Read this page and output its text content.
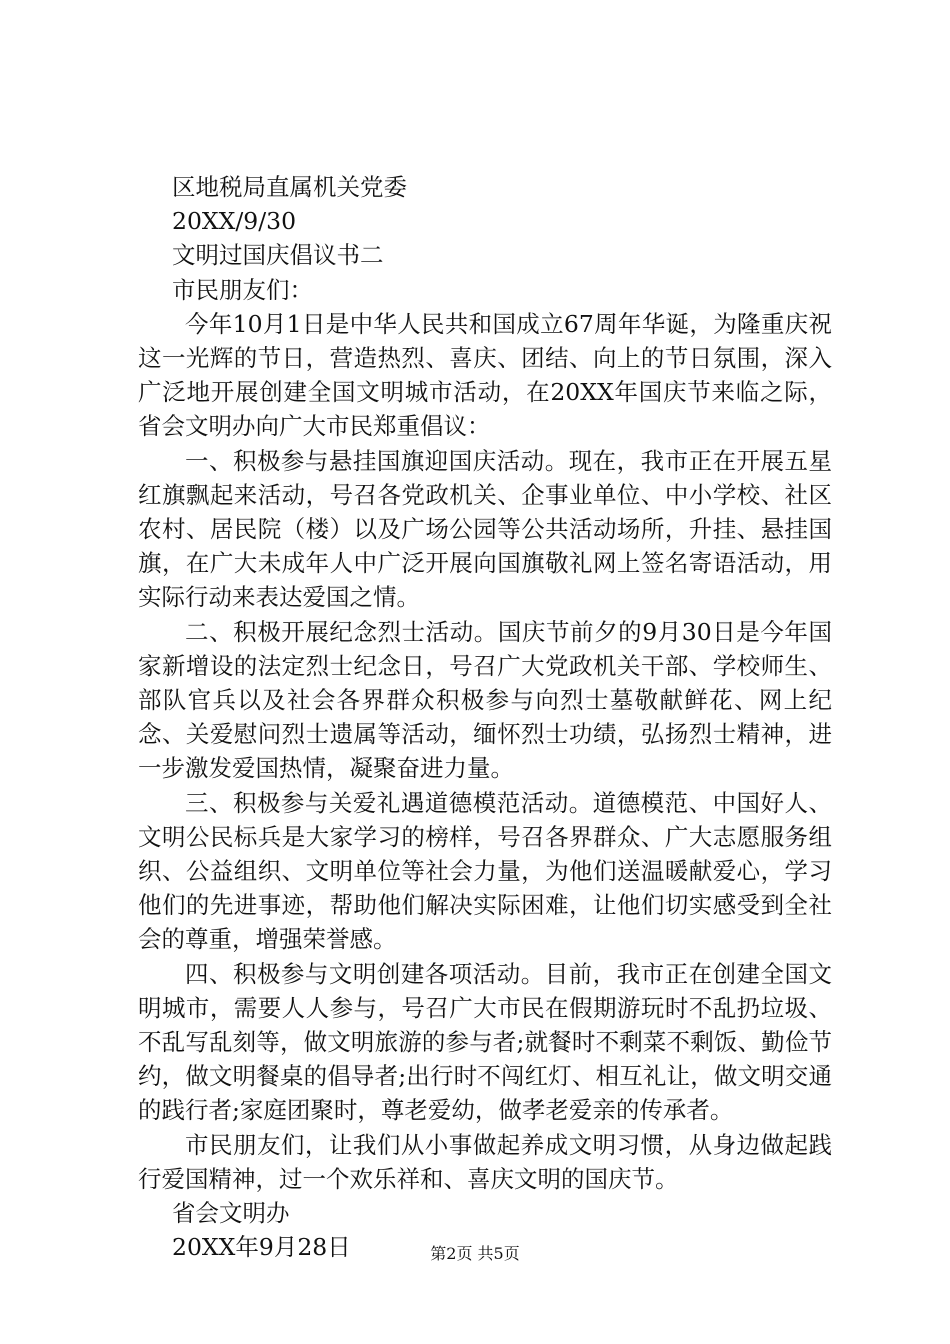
区地税局直属机关党委

20XX/9/30

文明过国庆倡议书二

市民朋友们：

今年10月1日是中华人民共和国成立67周年华诞，为隆重庆祝这一光辉的节日，营造热烈、喜庆、团结、向上的节日氛围，深入广泛地开展创建全国文明城市活动，在20XX年国庆节来临之际，省会文明办向广大市民郑重倡议：

一、积极参与悬挂国旗迎国庆活动。现在，我市正在开展五星红旗飘起来活动，号召各党政机关、企事业单位、中小学校、社区农村、居民院（楼）以及广场公园等公共活动场所，升挂、悬挂国旗，在广大未成年人中广泛开展向国旗敬礼网上签名寄语活动，用实际行动来表达爱国之情。

二、积极开展纪念烈士活动。国庆节前夕的9月30日是今年国家新增设的法定烈士纪念日，号召广大党政机关干部、学校师生、部队官兵以及社会各界群众积极参与向烈士墓敬献鲜花、网上纪念、关爱慰问烈士遗属等活动，缅怀烈士功绩，弘扬烈士精神，进一步激发爱国热情，凝聚奋进力量。

三、积极参与关爱礼遇道德模范活动。道德模范、中国好人、文明公民标兵是大家学习的榜样，号召各界群众、广大志愿服务组织、公益组织、文明单位等社会力量，为他们送温暖献爱心，学习他们的先进事迹，帮助他们解决实际困难，让他们切实感受到全社会的尊重，增强荣誉感。

四、积极参与文明创建各项活动。目前，我市正在创建全国文明城市，需要人人参与，号召广大市民在假期游玩时不乱扔垃圾、不乱写乱刻等，做文明旅游的参与者;就餐时不剩菜不剩饭、勤俭节约，做文明餐桌的倡导者;出行时不闯红灯、相互礼让，做文明交通的践行者;家庭团聚时，尊老爱幼，做孝老爱亲的传承者。

市民朋友们，让我们从小事做起养成文明习惯，从身边做起践行爱国精神，过一个欢乐祥和、喜庆文明的国庆节。

省会文明办

20XX年9月28日	第2页 共5页
